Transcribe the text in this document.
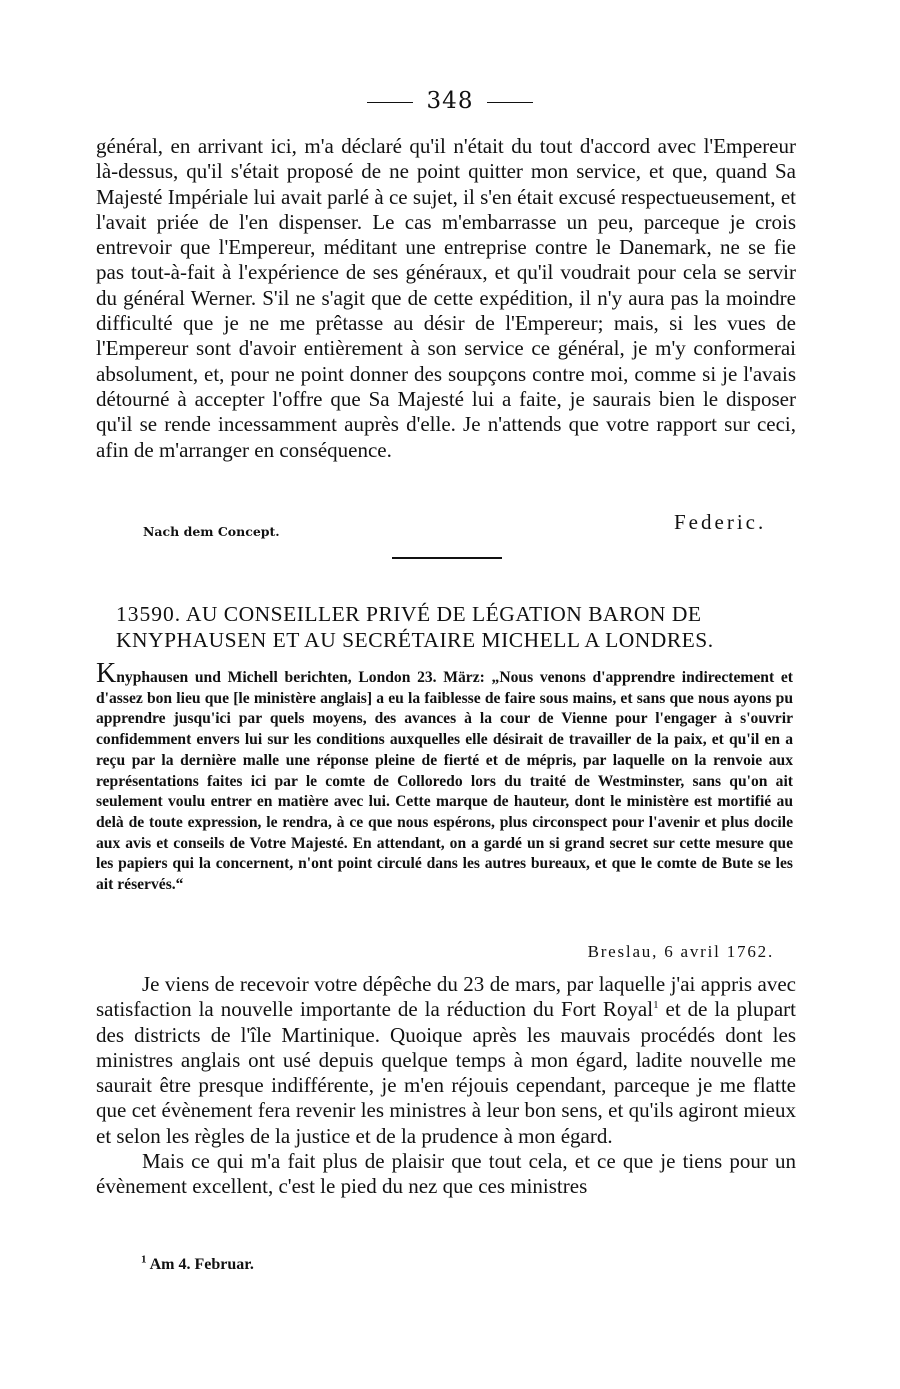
348

général, en arrivant ici, m'a déclaré qu'il n'était du tout d'accord avec l'Empereur là-dessus, qu'il s'était proposé de ne point quitter mon service, et que, quand Sa Majesté Impériale lui avait parlé à ce sujet, il s'en était excusé respectueusement, et l'avait priée de l'en dispenser. Le cas m'embarrasse un peu, parceque je crois entrevoir que l'Empereur, méditant une entreprise contre le Danemark, ne se fie pas tout-à-fait à l'expérience de ses généraux, et qu'il voudrait pour cela se servir du général Werner. S'il ne s'agit que de cette expédition, il n'y aura pas la moindre difficulté que je ne me prêtasse au désir de l'Empereur; mais, si les vues de l'Empereur sont d'avoir entièrement à son service ce général, je m'y conformerai absolument, et, pour ne point donner des soupçons contre moi, comme si je l'avais détourné à accepter l'offre que Sa Majesté lui a faite, je saurais bien le disposer qu'il se rende incessamment auprès d'elle. Je n'attends que votre rapport sur ceci, afin de m'arranger en conséquence.

Nach dem Concept.	Federic.
13590. AU CONSEILLER PRIVÉ DE LÉGATION BARON DE KNYPHAUSEN ET AU SECRÉTAIRE MICHELL A LONDRES.
Knyphausen und Michell berichten, London 23. März: „Nous venons d'apprendre indirectement et d'assez bon lieu que [le ministère anglais] a eu la faiblesse de faire sous mains, et sans que nous ayons pu apprendre jusqu'ici par quels moyens, des avances à la cour de Vienne pour l'engager à s'ouvrir confidemment envers lui sur les conditions auxquelles elle désirait de travailler de la paix, et qu'il en a reçu par la dernière malle une réponse pleine de fierté et de mépris, par laquelle on la renvoie aux représentations faites ici par le comte de Colloredo lors du traité de Westminster, sans qu'on ait seulement voulu entrer en matière avec lui. Cette marque de hauteur, dont le ministère est mortifié au delà de toute expression, le rendra, à ce que nous espérons, plus circonspect pour l'avenir et plus docile aux avis et conseils de Votre Majesté. En attendant, on a gardé un si grand secret sur cette mesure que les papiers qui la concernent, n'ont point circulé dans les autres bureaux, et que le comte de Bute se les ait réservés.“
Breslau, 6 avril 1762.

Je viens de recevoir votre dépêche du 23 de mars, par laquelle j'ai appris avec satisfaction la nouvelle importante de la réduction du Fort Royal$^1$ et de la plupart des districts de l'île Martinique. Quoique après les mauvais procédés dont les ministres anglais ont usé depuis quelque temps à mon égard, ladite nouvelle me saurait être presque indifférente, je m'en réjouis cependant, parceque je me flatte que cet évènement fera revenir les ministres à leur bon sens, et qu'ils agiront mieux et selon les règles de la justice et de la prudence à mon égard.

Mais ce qui m'a fait plus de plaisir que tout cela, et ce que je tiens pour un évènement excellent, c'est le pied du nez que ces ministres

$^1$ Am 4. Februar.
